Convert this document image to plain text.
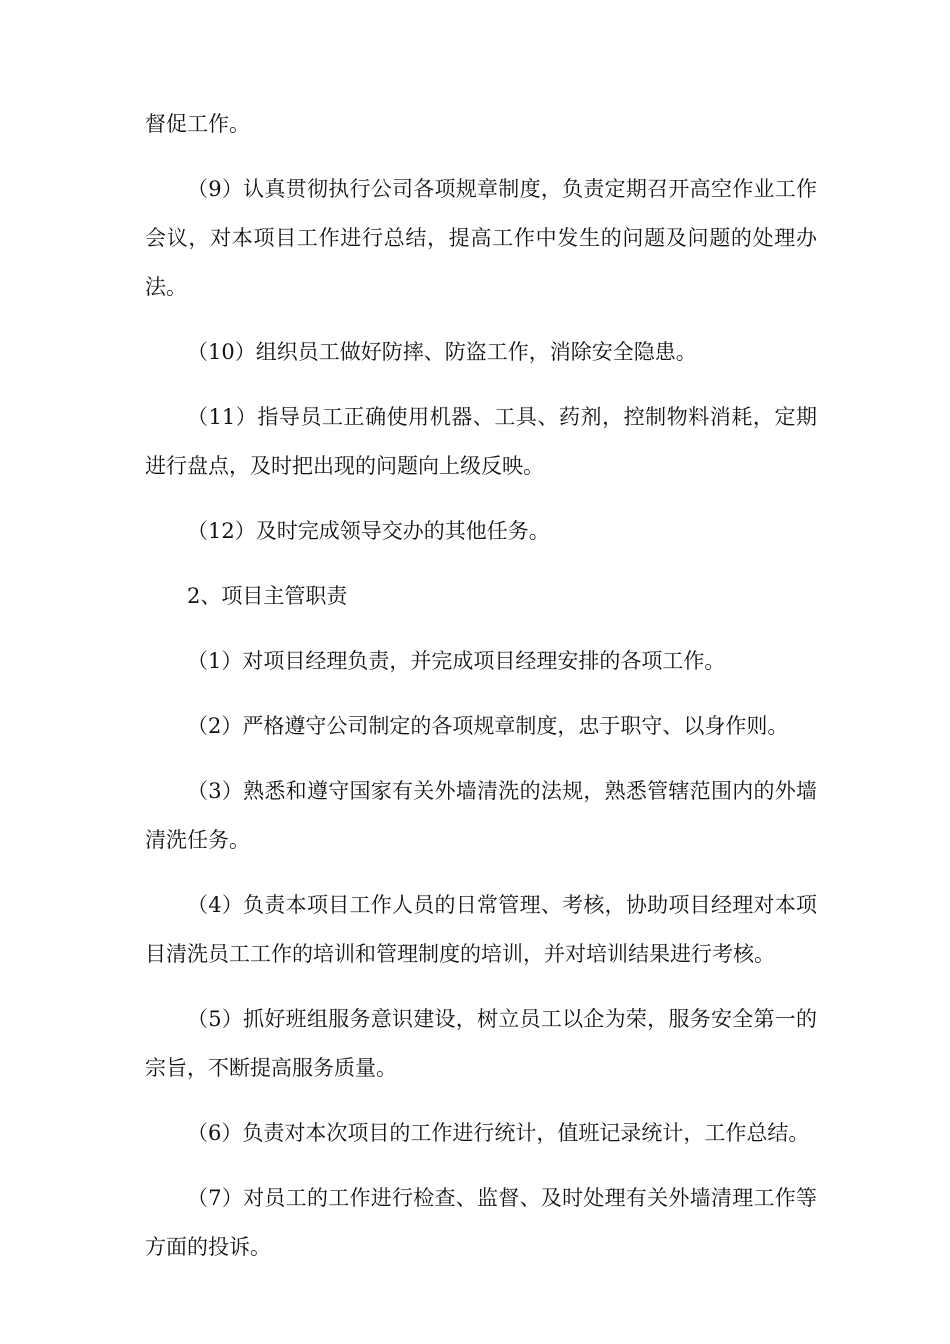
督促工作。

（9）认真贯彻执行公司各项规章制度，负责定期召开高空作业工作会议，对本项目工作进行总结，提高工作中发生的问题及问题的处理办法。

（10）组织员工做好防摔、防盗工作，消除安全隐患。

（11）指导员工正确使用机器、工具、药剂，控制物料消耗，定期进行盘点，及时把出现的问题向上级反映。

（12）及时完成领导交办的其他任务。

2、项目主管职责

（1）对项目经理负责，并完成项目经理安排的各项工作。

（2）严格遵守公司制定的各项规章制度，忠于职守、以身作则。

（3）熟悉和遵守国家有关外墙清洗的法规，熟悉管辖范围内的外墙清洗任务。

（4）负责本项目工作人员的日常管理、考核，协助项目经理对本项目清洗员工工作的培训和管理制度的培训，并对培训结果进行考核。

（5）抓好班组服务意识建设，树立员工以企为荣，服务安全第一的宗旨，不断提高服务质量。

（6）负责对本次项目的工作进行统计，值班记录统计，工作总结。

（7）对员工的工作进行检查、监督、及时处理有关外墙清理工作等方面的投诉。
